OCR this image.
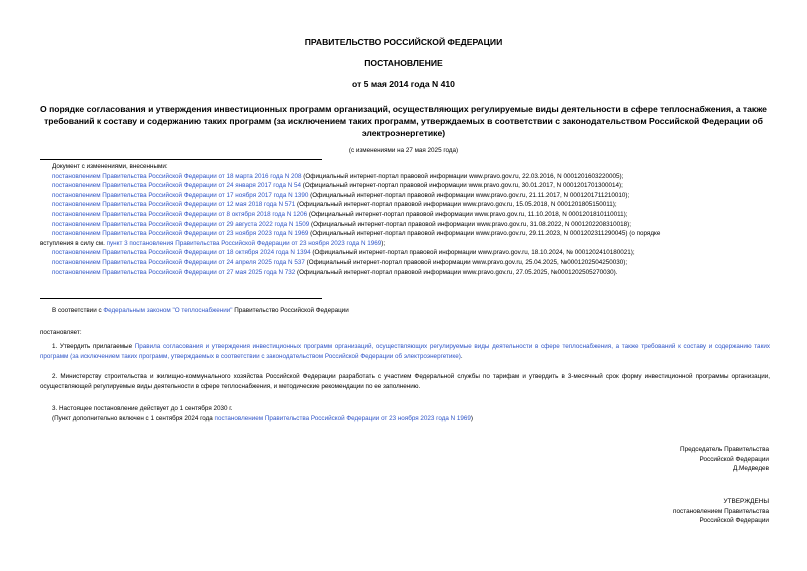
ПРАВИТЕЛЬСТВО РОССИЙСКОЙ ФЕДЕРАЦИИ
ПОСТАНОВЛЕНИЕ
от 5 мая 2014 года N 410
О порядке согласования и утверждения инвестиционных программ организаций, осуществляющих регулируемые виды деятельности в сфере теплоснабжения, а также требований к составу и содержанию таких программ (за исключением таких программ, утверждаемых в соответствии с законодательством Российской Федерации об электроэнергетике)
(с изменениями на 27 мая 2025 года)
Документ с изменениями, внесенными:
постановлением Правительства Российской Федерации от 18 марта 2016 года N 208 (Официальный интернет-портал правовой информации www.pravo.gov.ru, 22.03.2016, N 0001201603220005);
постановлением Правительства Российской Федерации от 24 января 2017 года N 54 (Официальный интернет-портал правовой информации www.pravo.gov.ru, 30.01.2017, N 0001201701300014);
постановлением Правительства Российской Федерации от 17 ноября 2017 года N 1390 (Официальный интернет-портал правовой информации www.pravo.gov.ru, 21.11.2017, N 0001201711210010);
постановлением Правительства Российской Федерации от 12 мая 2018 года N 571 (Официальный интернет-портал правовой информации www.pravo.gov.ru, 15.05.2018, N 0001201805150011);
постановлением Правительства Российской Федерации от 8 октября 2018 года N 1206 (Официальный интернет-портал правовой информации www.pravo.gov.ru, 11.10.2018, N 0001201810110011);
постановлением Правительства Российской Федерации от 29 августа 2022 года N 1509 (Официальный интернет-портал правовой информации www.pravo.gov.ru, 31.08.2022, N 0001202208310018);
постановлением Правительства Российской Федерации от 23 ноября 2023 года N 1969 (Официальный интернет-портал правовой информации www.pravo.gov.ru, 29.11.2023, N 0001202311290045) (о порядке
вступления в силу см. пункт 3 постановления Правительства Российской Федерации от 23 ноября 2023 года N 1969);
постановлением Правительства Российской Федерации от 18 октября 2024 года N 1394 (Официальный интернет-портал правовой информации www.pravo.gov.ru, 18.10.2024, № 0001202410180021);
постановлением Правительства Российской Федерации от 24 апреля 2025 года N 537 (Официальный интернет-портал правовой информации www.pravo.gov.ru, 25.04.2025, №0001202504250030);
постановлением Правительства Российской Федерации от 27 мая 2025 года N 732 (Официальный интернет-портал правовой информации www.pravo.gov.ru, 27.05.2025, №0001202505270030).
В соответствии с Федеральным законом "О теплоснабжении" Правительство Российской Федерации
постановляет:
1. Утвердить прилагаемые Правила согласования и утверждения инвестиционных программ организаций, осуществляющих регулируемые виды деятельности в сфере теплоснабжения, а также требований к составу и содержанию таких программ (за исключением таких программ, утверждаемых в соответствии с законодательством Российской Федерации об электроэнергетике).
2. Министерству строительства и жилищно-коммунального хозяйства Российской Федерации разработать с участием Федеральной службы по тарифам и утвердить в 3-месячный срок форму инвестиционной программы организации, осуществляющей регулируемые виды деятельности в сфере теплоснабжения, и методические рекомендации по ее заполнению.
3. Настоящее постановление действует до 1 сентября 2030 г.
(Пункт дополнительно включен с 1 сентября 2024 года постановлением Правительства Российской Федерации от 23 ноября 2023 года N 1969)
Председатель Правительства
Российской Федерации
Д.Медведев
УТВЕРЖДЕНЫ
постановлением Правительства
Российской Федерации
